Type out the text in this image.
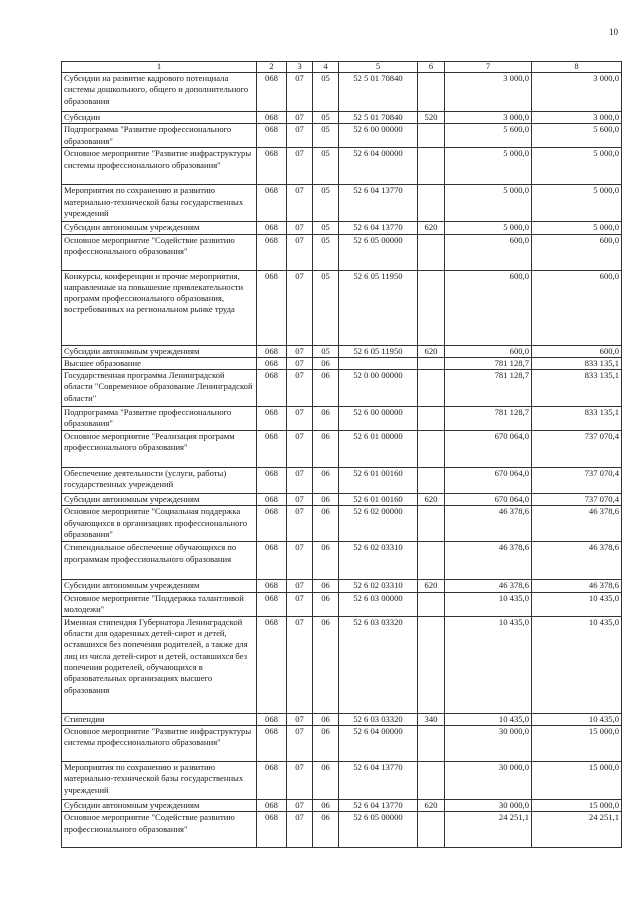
10
1	2	3	4	5	6	7	8
Субсидии на развитие кадрового потенциала системы дошкольного, общего и дополнительного образования	068	07	05	52 5 01 70840		3 000,0	3 000,0
Субсидии	068	07	05	52 5 01 70840	520	3 000,0	3 000,0
Подпрограмма "Развитие профессионального образования"	068	07	05	52 6 00 00000		5 600,0	5 600,0
Основное мероприятие "Развитие инфраструктуры системы профессионального образования"	068	07	05	52 6 04 00000		5 000,0	5 000,0
Мероприятия по сохранению и развитию материально-технической базы государственных учреждений	068	07	05	52 6 04 13770		5 000,0	5 000,0
Субсидии автономным учреждениям	068	07	05	52 6 04 13770	620	5 000,0	5 000,0
Основное мероприятие "Содействие развитию профессионального образования"	068	07	05	52 6 05 00000		600,0	600,0
Конкурсы, конференции и прочие мероприятия, направленные на повышение привлекательности программ профессионального образования, востребованных на региональном рынке труда	068	07	05	52 6 05 11950		600,0	600,0
Субсидии автономным учреждениям	068	07	05	52 6 05 11950	620	600,0	600,0
Высшее образование	068	07	06			781 128,7	833 135,1
Государственная программа Ленинградской области "Современное образование Ленинградской области"	068	07	06	52 0 00 00000		781 128,7	833 135,1
Подпрограмма "Развитие профессионального образования"	068	07	06	52 6 00 00000		781 128,7	833 135,1
Основное мероприятие "Реализация программ профессионального образования"	068	07	06	52 6 01 00000		670 064,0	737 070,4
Обеспечение деятельности (услуги, работы) государственных учреждений	068	07	06	52 6 01 00160		670 064,0	737 070,4
Субсидии автономным учреждениям	068	07	06	52 6 01 00160	620	670 064,0	737 070,4
Основное мероприятие "Социальная поддержка обучающихся в организациях профессионального образования"	068	07	06	52 6 02 00000		46 378,6	46 378,6
Стипендиальное обеспечение обучающихся по программам профессионального образования	068	07	06	52 6 02 03310		46 378,6	46 378,6
Субсидии автономным учреждениям	068	07	06	52 6 02 03310	620	46 378,6	46 378,6
Основное мероприятие "Поддержка талантливой молодежи"	068	07	06	52 6 03 00000		10 435,0	10 435,0
Именная стипендия Губернатора Ленинградской области для одаренных детей-сирот и детей, оставшихся без попечения родителей, а также для лиц из числа детей-сирот и детей, оставшихся без попечения родителей, обучающихся в образовательных организациях высшего образования	068	07	06	52 6 03 03320		10 435,0	10 435,0
Стипендии	068	07	06	52 6 03 03320	340	10 435,0	10 435,0
Основное мероприятие "Развитие инфраструктуры системы профессионального образования"	068	07	06	52 6 04 00000		30 000,0	15 000,0
Мероприятия по сохранению и развитию материально-технической базы государственных учреждений	068	07	06	52 6 04 13770		30 000,0	15 000,0
Субсидии автономным учреждениям	068	07	06	52 6 04 13770	620	30 000,0	15 000,0
Основное мероприятие "Содействие развитию профессионального образования"	068	07	06	52 6 05 00000		24 251,1	24 251,1
